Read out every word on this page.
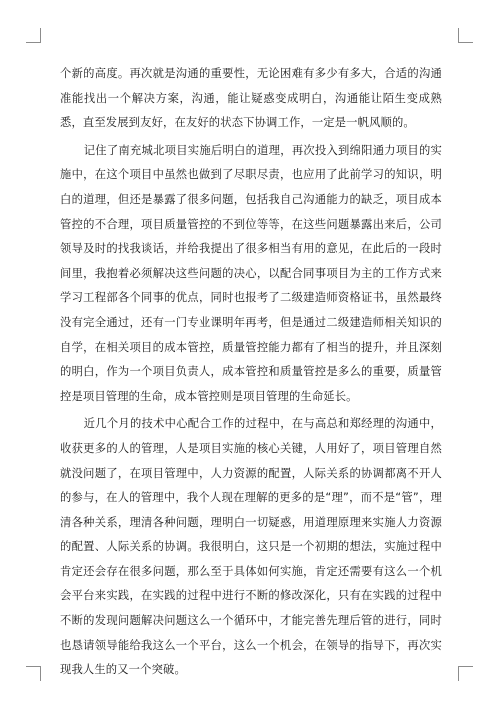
个新的高度。再次就是沟通的重要性，无论困难有多少有多大，合适的沟通准能找出一个解决方案，沟通，能让疑惑变成明白，沟通能让陌生变成熟悉，直至发展到友好，在友好的状态下协调工作，一定是一帆风顺的。

记住了南充城北项目实施后明白的道理，再次投入到绵阳通力项目的实施中，在这个项目中虽然也做到了尽职尽责，也应用了此前学习的知识，明白的道理，但还是暴露了很多问题，包括我自己沟通能力的缺乏，项目成本管控的不合理，项目质量管控的不到位等等，在这些问题暴露出来后，公司领导及时的找我谈话，并给我提出了很多相当有用的意见，在此后的一段时间里，我抱着必须解决这些问题的决心，以配合同事项目为主的工作方式来学习工程部各个同事的优点，同时也报考了二级建造师资格证书，虽然最终没有完全通过，还有一门专业课明年再考，但是通过二级建造师相关知识的自学，在相关项目的成本管控，质量管控能力都有了相当的提升，并且深刻的明白，作为一个项目负责人，成本管控和质量管控是多么的重要，质量管控是项目管理的生命，成本管控则是项目管理的生命延长。

近几个月的技术中心配合工作的过程中，在与高总和郑经理的沟通中，收获更多的人的管理，人是项目实施的核心关键，人用好了，项目管理自然就没问题了，在项目管理中，人力资源的配置，人际关系的协调都离不开人的参与，在人的管理中，我个人现在理解的更多的是“理”，而不是“管”，理清各种关系，理清各种问题，理明白一切疑惑，用道理原理来实施人力资源的配置、人际关系的协调。我很明白，这只是一个初期的想法，实施过程中肯定还会存在很多问题，那么至于具体如何实施，肯定还需要有这么一个机会平台来实践，在实践的过程中进行不断的修改深化，只有在实践的过程中不断的发现问题解决问题这么一个循环中，才能完善先理后管的进行，同时也恳请领导能给我这么一个平台，这么一个机会，在领导的指导下，再次实现我人生的又一个突破。
